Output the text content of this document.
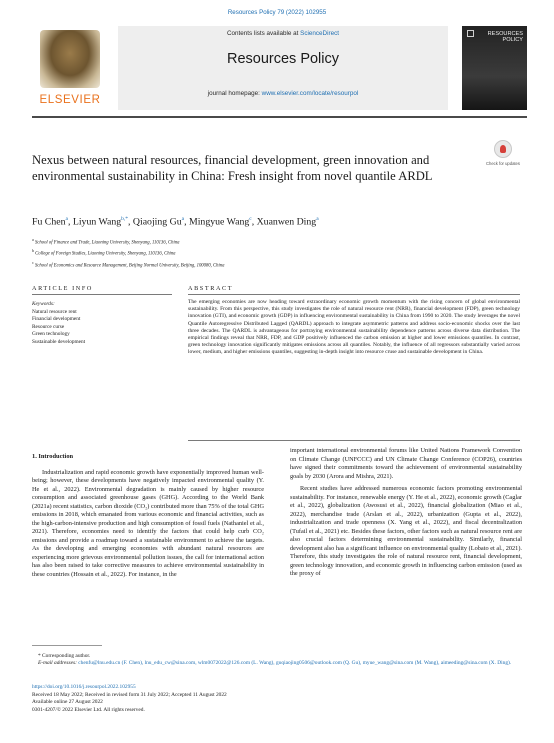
Resources Policy 79 (2022) 102955
ELSEVIER
Contents lists available at ScienceDirect
Resources Policy
journal homepage: www.elsevier.com/locate/resourpol
RESOURCES
POLICY
Check for updates
Nexus between natural resources, financial development, green innovation and environmental sustainability in China: Fresh insight from novel quantile ARDL
Fu Chen$^a$, Liyun Wang$^{b,*}$, Qiaojing Gu$^a$, Mingyue Wang$^c$, Xuanwen Ding$^a$
$^a$ School of Finance and Trade, Liaoning University, Shenyang, 110136, China
$^b$ College of Foreign Studies, Liaoning University, Shenyang, 110136, China
$^c$ School of Economics and Resource Management, Beijing Normal University, Beijing, 100080, China
ARTICLE INFO	ABSTRACT
Keywords:
Natural resource rent
Financial development
Resource curse
Green technology
Sustainable development
The emerging economies are now heading toward extraordinary economic growth momentum with the rising concern of global environmental sustainability. From this perspective, this study investigates the role of natural resource rent (NRR), financial development (FDP), green technology innovation (GTI), and economic growth (GDP) in influencing environmental sustainability in China from 1990 to 2020. The study leverages the novel Quantile Autoregressive Distributed Lagged (QARDL) approach to integrate asymmetric patterns and address socio-economic shocks over the last three decades. The QARDL is advantageous for portraying environmental sustainability dependence patterns across diverse data distribution. The empirical findings reveal that NRR, FDP, and GDP positively influenced the carbon emission at higher and lower emissions quantiles. In contrast, green technology innovation significantly mitigates emissions across all quantiles. Notably, the influence of all regressors substantially varied across lower, medium, and higher emissions quantiles, suggesting in-depth insight into resource cruse and sustainable development in China.
1. Introduction

Industrialization and rapid economic growth have exponentially improved human well-being; however, these developments have negatively impacted environmental quality (Y. He et al., 2022). Environmental degradation is mainly caused by higher resource consumption and associated greenhouse gases (GHG). According to the World Bank (2021a) recent statistics, carbon dioxide (CO₂) contributed more than 75% of the total GHG emissions in 2018, which emanated from various economic and financial activities, such as the high-carbon-intensive production and high consumption of fossil fuels (Nathaniel et al., 2021). Therefore, economies need to identify the factors that could help curb CO₂ emissions and provide a roadmap toward a sustainable environment to achieve the targets. As the developing and emerging economies with abundant natural resources are experiencing more grievous environmental pollution issues, the call for international action has also been raised to take corrective measures to achieve environmental sustainability in these countries (Hossain et al., 2022). For instance, in the

important international environmental forums like United Nations Framework Convention on Climate Change (UNFCCC) and UN Climate Change Conference (COP26), countries have signed their commitments toward the achievement of environmental sustainability goals by 2030 (Arora and Mishra, 2021).

Recent studies have addressed numerous economic factors promoting environmental sustainability. For instance, renewable energy (Y. He et al., 2022), economic growth (Caglar et al., 2022), globalization (Awosusi et al., 2022), financial globalization (Miao et al., 2022), merchandise trade (Arslan et al., 2022), urbanization (Gupta et al., 2022), industrialization and trade openness (X. Yang et al., 2022), and fiscal decentralization (Tufail et al., 2021) etc. Besides these factors, other factors such as natural resource rent are also crucial factors determining environmental sustainability. Similarly, financial development also has a significant influence on environmental quality (Lobato et al., 2021). Therefore, this study investigates the role of natural resource rent, financial development, green technology innovation, and economic growth in influencing carbon emission (used as the proxy of

* Corresponding author.
E-mail addresses: chenfu@lnu.edu.cn (F. Chen), lnu_edu_cw@sina.com, wlm0072022@126.com (L. Wang), guqiaojing0506@outlook.com (Q. Gu), myue_wang@sina.com (M. Wang), aimeeding@sina.com (X. Ding).
https://doi.org/10.1016/j.resourpol.2022.102955
Received 18 May 2022; Received in revised form 31 July 2022; Accepted 11 August 2022
Available online 27 August 2022
0301-4207/© 2022 Elsevier Ltd. All rights reserved.
